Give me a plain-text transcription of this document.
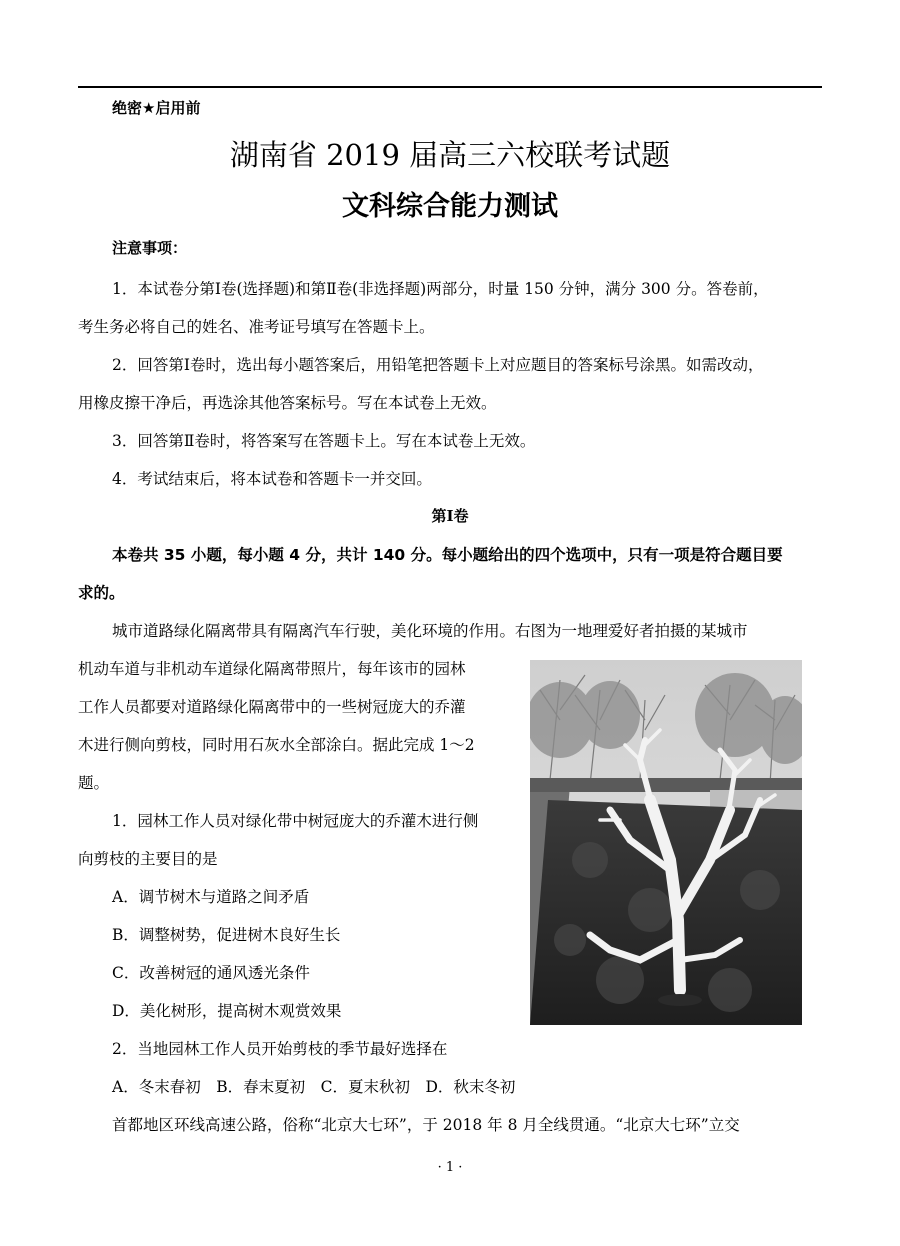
绝密★启用前
湖南省 2019 届高三六校联考试题
文科综合能力测试
注意事项：
1．本试卷分第Ⅰ卷(选择题)和第Ⅱ卷(非选择题)两部分，时量 150 分钟，满分 300 分。答卷前，
考生务必将自己的姓名、准考证号填写在答题卡上。
2．回答第Ⅰ卷时，选出每小题答案后，用铅笔把答题卡上对应题目的答案标号涂黑。如需改动，
用橡皮擦干净后，再选涂其他答案标号。写在本试卷上无效。
3．回答第Ⅱ卷时，将答案写在答题卡上。写在本试卷上无效。
4．考试结束后，将本试卷和答题卡一并交回。
第Ⅰ卷
本卷共 35 小题，每小题 4 分，共计 140 分。每小题给出的四个选项中，只有一项是符合题目要
求的。
城市道路绿化隔离带具有隔离汽车行驶，美化环境的作用。右图为一地理爱好者拍摄的某城市
机动车道与非机动车道绿化隔离带照片，每年该市的园林
工作人员都要对道路绿化隔离带中的一些树冠庞大的乔灌
木进行侧向剪枝，同时用石灰水全部涂白。据此完成 1～2
题。
1．园林工作人员对绿化带中树冠庞大的乔灌木进行侧
向剪枝的主要目的是
A．调节树木与道路之间矛盾
B．调整树势，促进树木良好生长
C．改善树冠的通风透光条件
D．美化树形，提高树木观赏效果
2．当地园林工作人员开始剪枝的季节最好选择在
A．冬末春初　B．春末夏初　C．夏末秋初　D．秋末冬初
首都地区环线高速公路，俗称“北京大七环”，于 2018 年 8 月全线贯通。“北京大七环”立交
· 1 ·
